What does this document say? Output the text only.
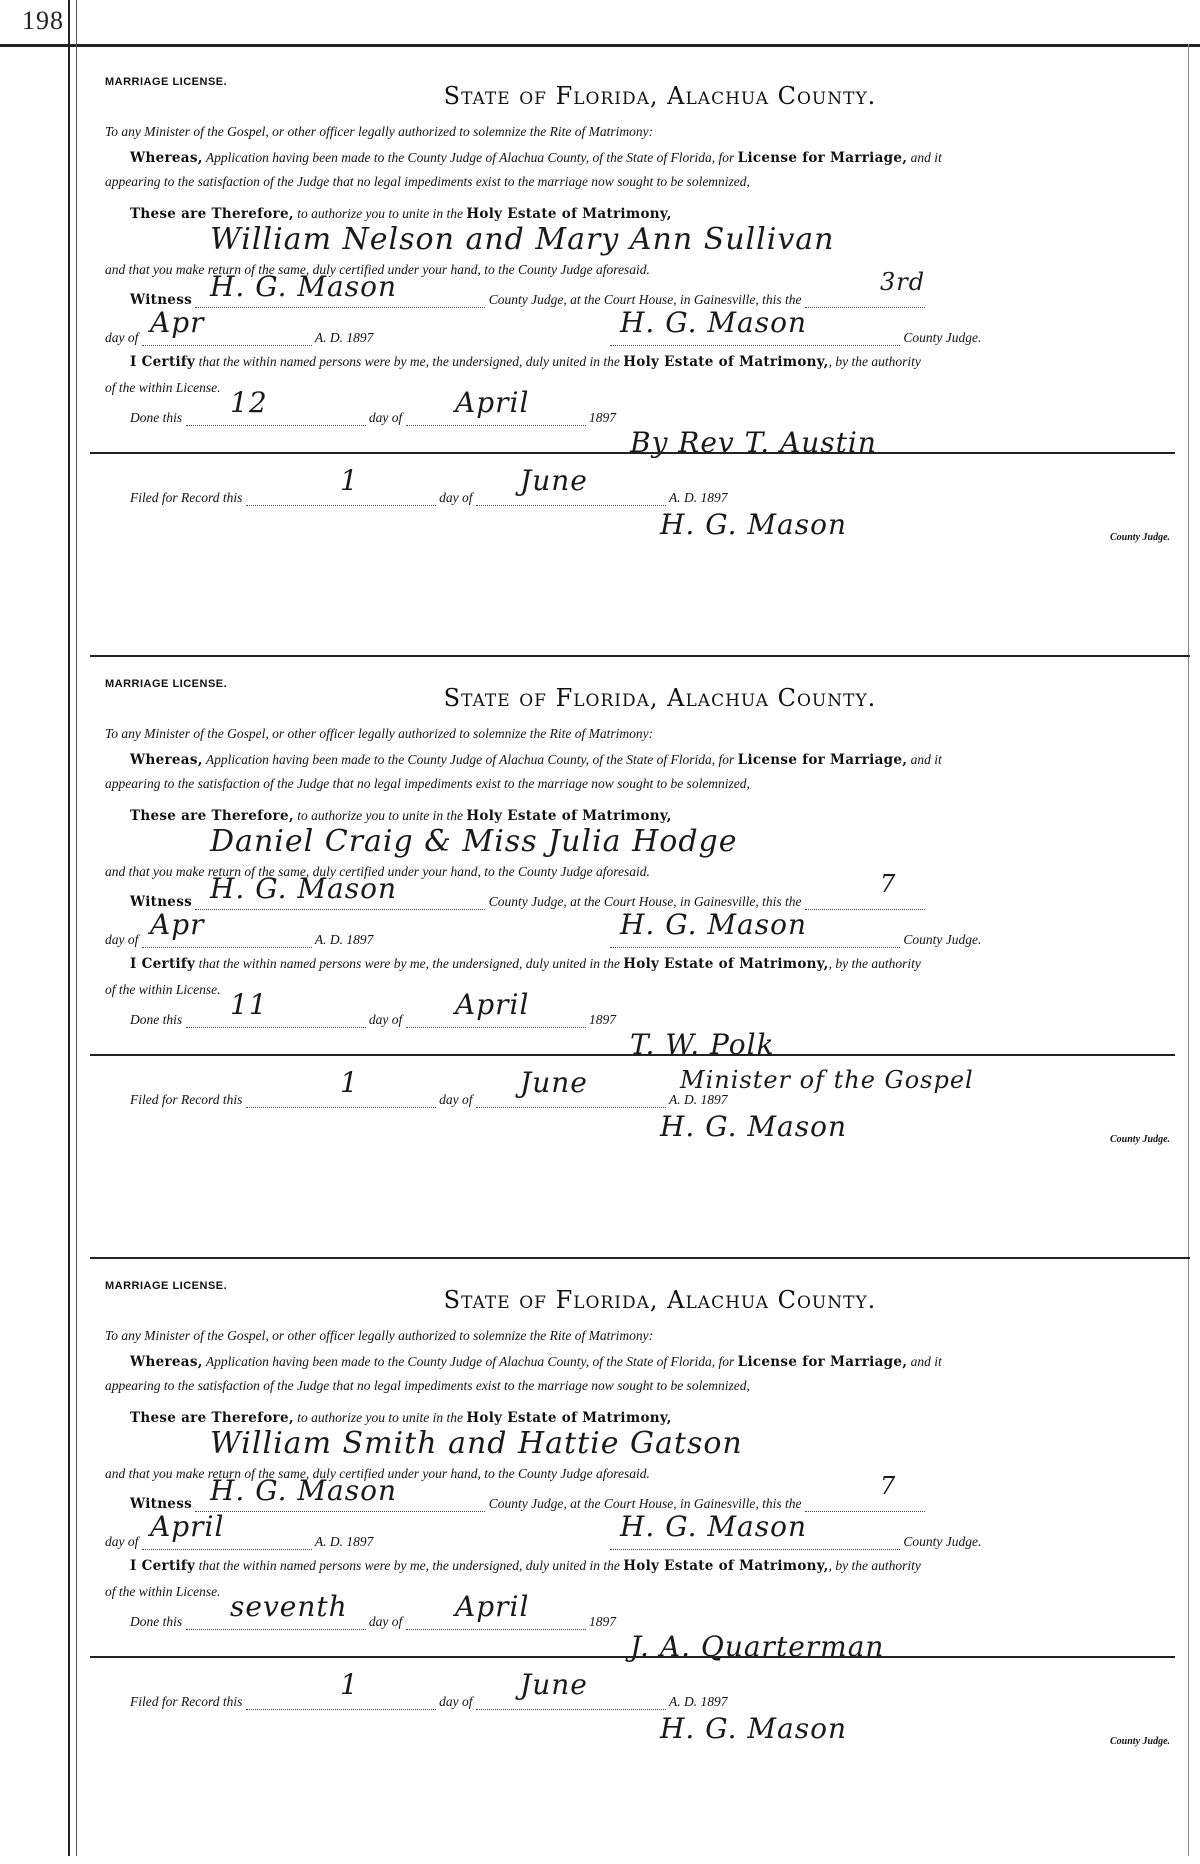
198
MARRIAGE LICENSE.	State of Florida, Alachua County.
To any Minister of the Gospel, or other officer legally authorized to solemnize the Rite of Matrimony:
Whereas, Application having been made to the County Judge of Alachua County, of the State of Florida, for License for Marriage, and it
appearing to the satisfaction of the Judge that no legal impediments exist to the marriage now sought to be solemnized,
These are Therefore, to authorize you to unite in the Holy Estate of Matrimony,
William Nelson and Mary Ann Sullivan
and that you make return of the same, duly certified under your hand, to the County Judge aforesaid.
Witness	County Judge, at the Court House, in Gainesville, this the
H. G. Mason	3rd
day of	A. D. 1897
Apr	County Judge.
H. G. Mason
I Certify that the within named persons were by me, the undersigned, duly united in the Holy Estate of Matrimony,, by the authority
of the within License.
Done this	day of	1897
12	April
By Rev T. Austin
Filed for Record this	day of	A. D. 1897
1	June
H. G. Mason	County Judge.
MARRIAGE LICENSE.	State of Florida, Alachua County.
To any Minister of the Gospel, or other officer legally authorized to solemnize the Rite of Matrimony:
Whereas, Application having been made to the County Judge of Alachua County, of the State of Florida, for License for Marriage, and it
appearing to the satisfaction of the Judge that no legal impediments exist to the marriage now sought to be solemnized,
These are Therefore, to authorize you to unite in the Holy Estate of Matrimony,
Daniel Craig & Miss Julia Hodge
and that you make return of the same, duly certified under your hand, to the County Judge aforesaid.
Witness	County Judge, at the Court House, in Gainesville, this the
H. G. Mason	7
day of	A. D. 1897
Apr	County Judge.
H. G. Mason
I Certify that the within named persons were by me, the undersigned, duly united in the Holy Estate of Matrimony,, by the authority
of the within License.
Done this	day of	1897
11	April
T. W. Polk
Minister of the Gospel
Filed for Record this	day of	A. D. 1897
1	June
H. G. Mason	County Judge.
MARRIAGE LICENSE.	State of Florida, Alachua County.
To any Minister of the Gospel, or other officer legally authorized to solemnize the Rite of Matrimony:
Whereas, Application having been made to the County Judge of Alachua County, of the State of Florida, for License for Marriage, and it
appearing to the satisfaction of the Judge that no legal impediments exist to the marriage now sought to be solemnized,
These are Therefore, to authorize you to unite in the Holy Estate of Matrimony,
William Smith and Hattie Gatson
and that you make return of the same, duly certified under your hand, to the County Judge aforesaid.
Witness	County Judge, at the Court House, in Gainesville, this the
H. G. Mason	7
day of	A. D. 1897
April	County Judge.
H. G. Mason
I Certify that the within named persons were by me, the undersigned, duly united in the Holy Estate of Matrimony,, by the authority
of the within License.
Done this	day of	1897
seventh	April
J. A. Quarterman
Filed for Record this	day of	A. D. 1897
1	June
H. G. Mason	County Judge.
